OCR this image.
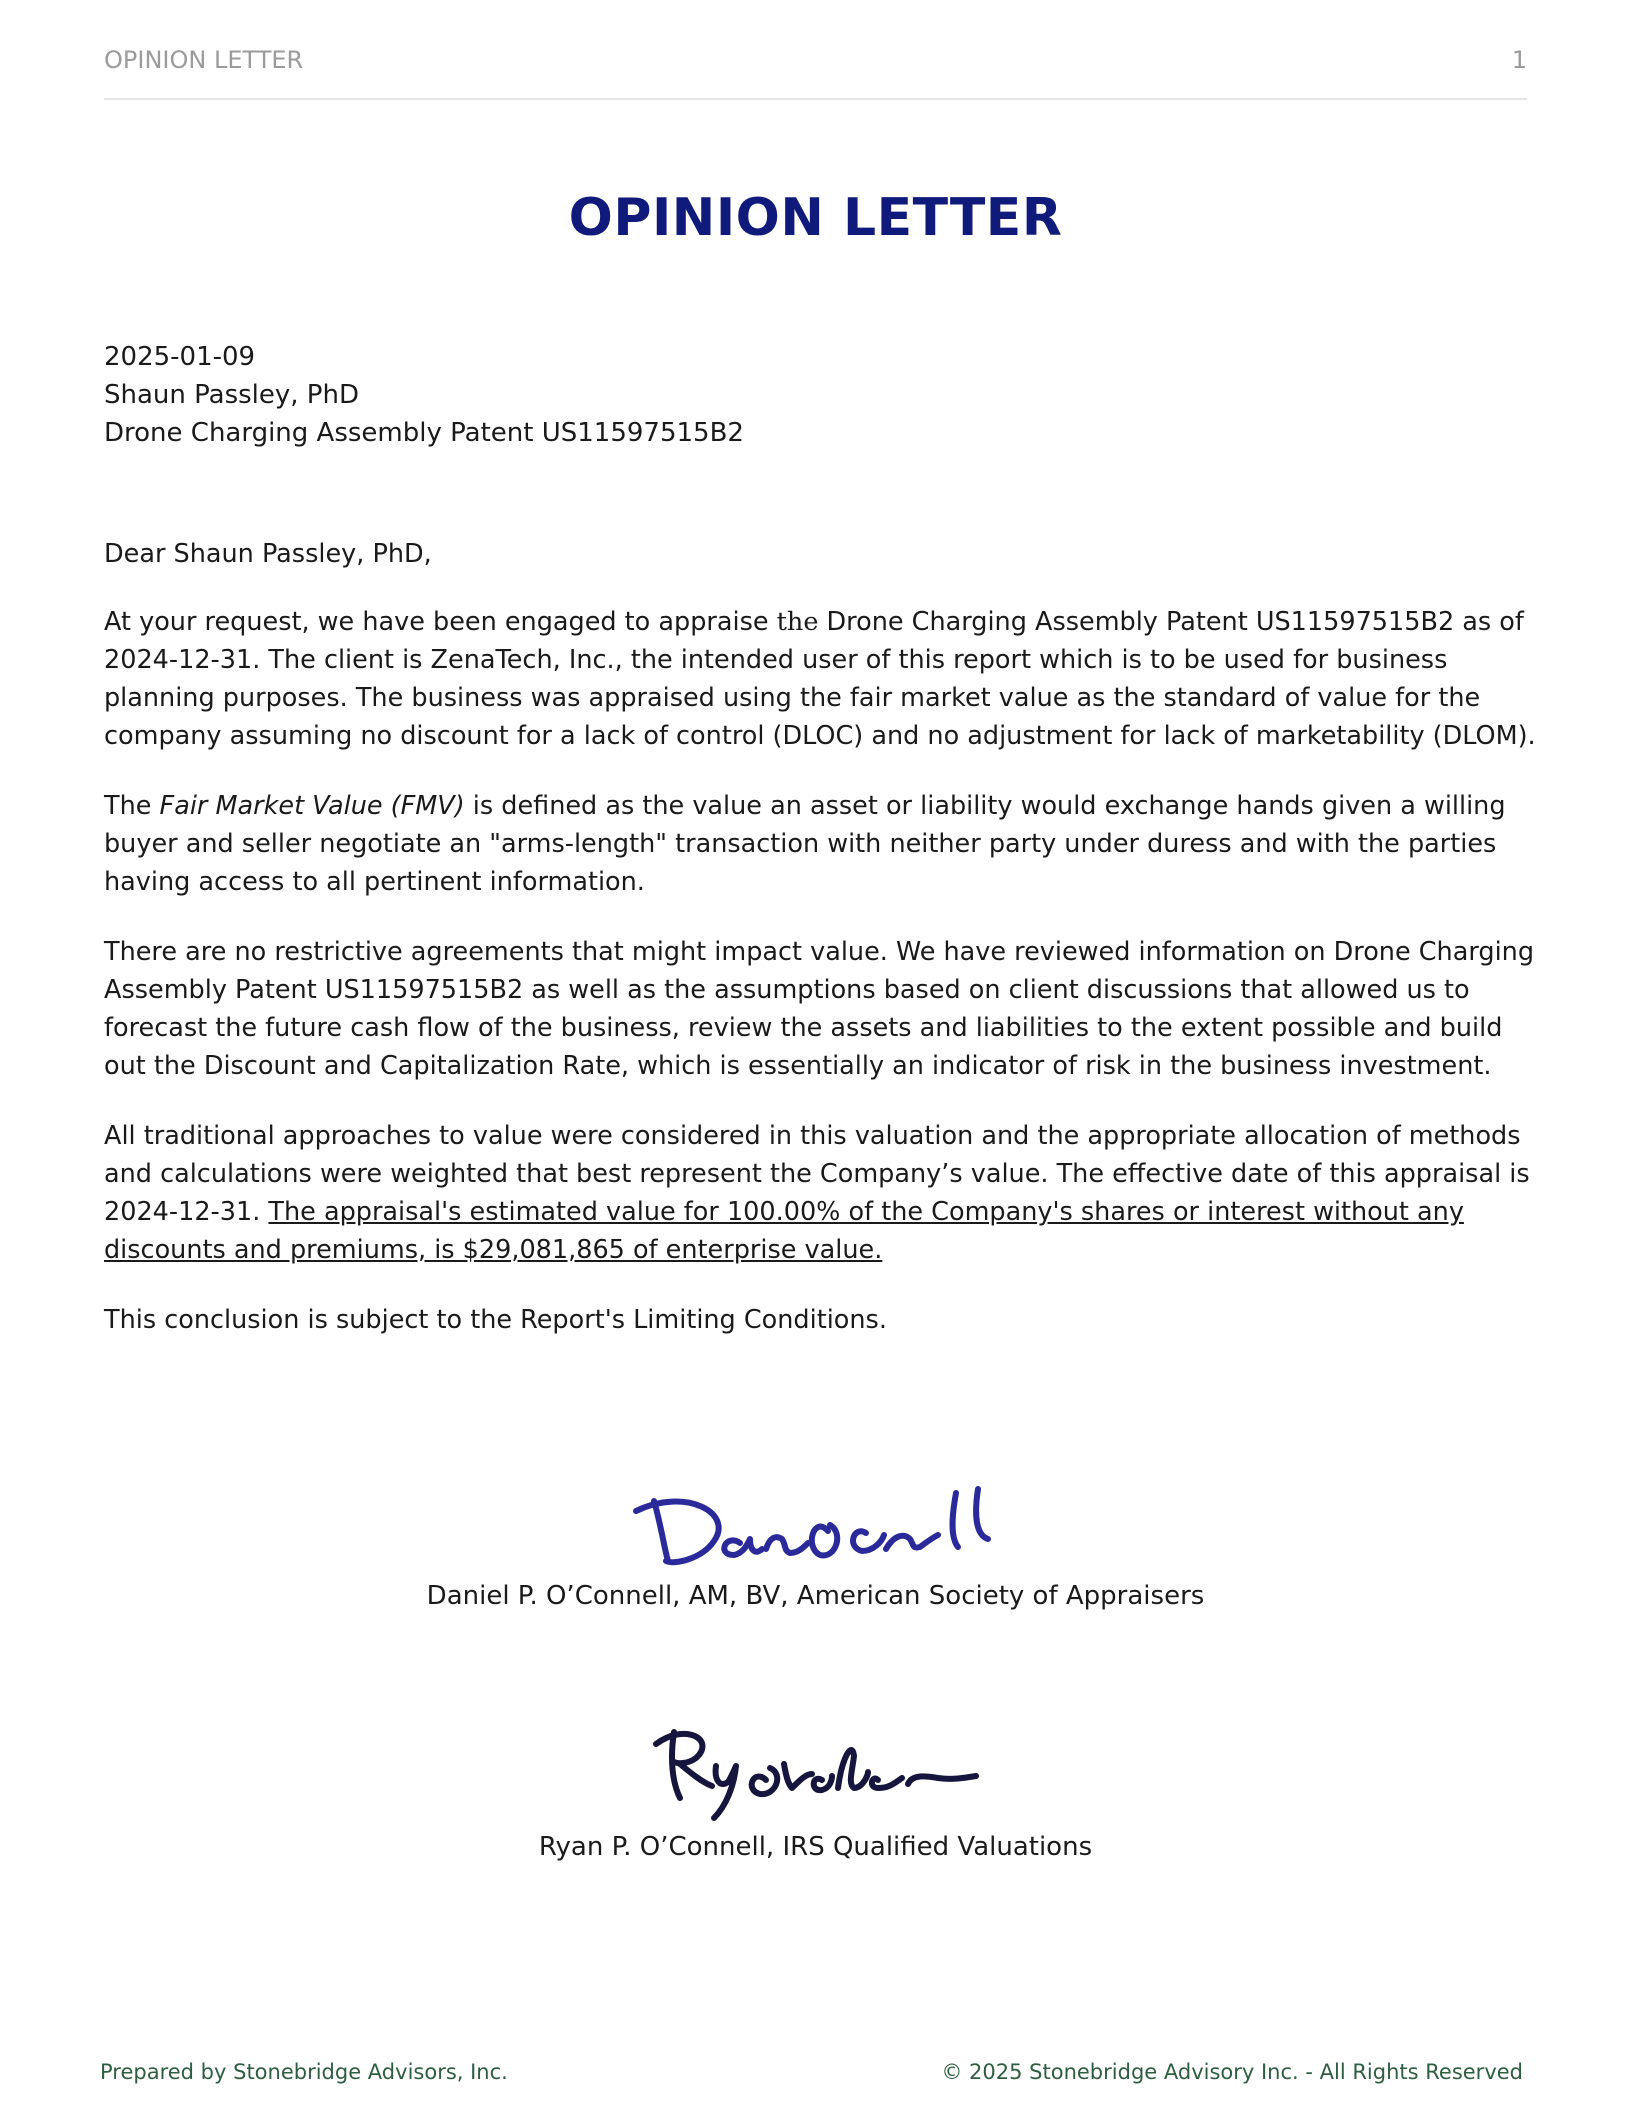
OPINION LETTER	1
OPINION LETTER
2025-01-09
Shaun Passley, PhD
Drone Charging Assembly Patent US11597515B2

Dear Shaun Passley, PhD,

At your request, we have been engaged to appraise the Drone Charging Assembly Patent US11597515B2 as of 2024-12-31. The client is ZenaTech, Inc., the intended user of this report which is to be used for business planning purposes. The business was appraised using the fair market value as the standard of value for the company assuming no discount for a lack of control (DLOC) and no adjustment for lack of marketability (DLOM).

The Fair Market Value (FMV) is defined as the value an asset or liability would exchange hands given a willing buyer and seller negotiate an "arms-length" transaction with neither party under duress and with the parties having access to all pertinent information.

There are no restrictive agreements that might impact value. We have reviewed information on Drone Charging Assembly Patent US11597515B2 as well as the assumptions based on client discussions that allowed us to forecast the future cash flow of the business, review the assets and liabilities to the extent possible and build out the Discount and Capitalization Rate, which is essentially an indicator of risk in the business investment.

All traditional approaches to value were considered in this valuation and the appropriate allocation of methods and calculations were weighted that best represent the Company’s value. The effective date of this appraisal is 2024-12-31. The appraisal's estimated value for 100.00% of the Company's shares or interest without any discounts and premiums, is $29,081,865 of enterprise value.

This conclusion is subject to the Report's Limiting Conditions.

Daniel P. O’Connell, AM, BV, American Society of Appraisers
Ryan P. O’Connell, IRS Qualified Valuations
Prepared by Stonebridge Advisors, Inc.	© 2025 Stonebridge Advisory Inc. - All Rights Reserved
